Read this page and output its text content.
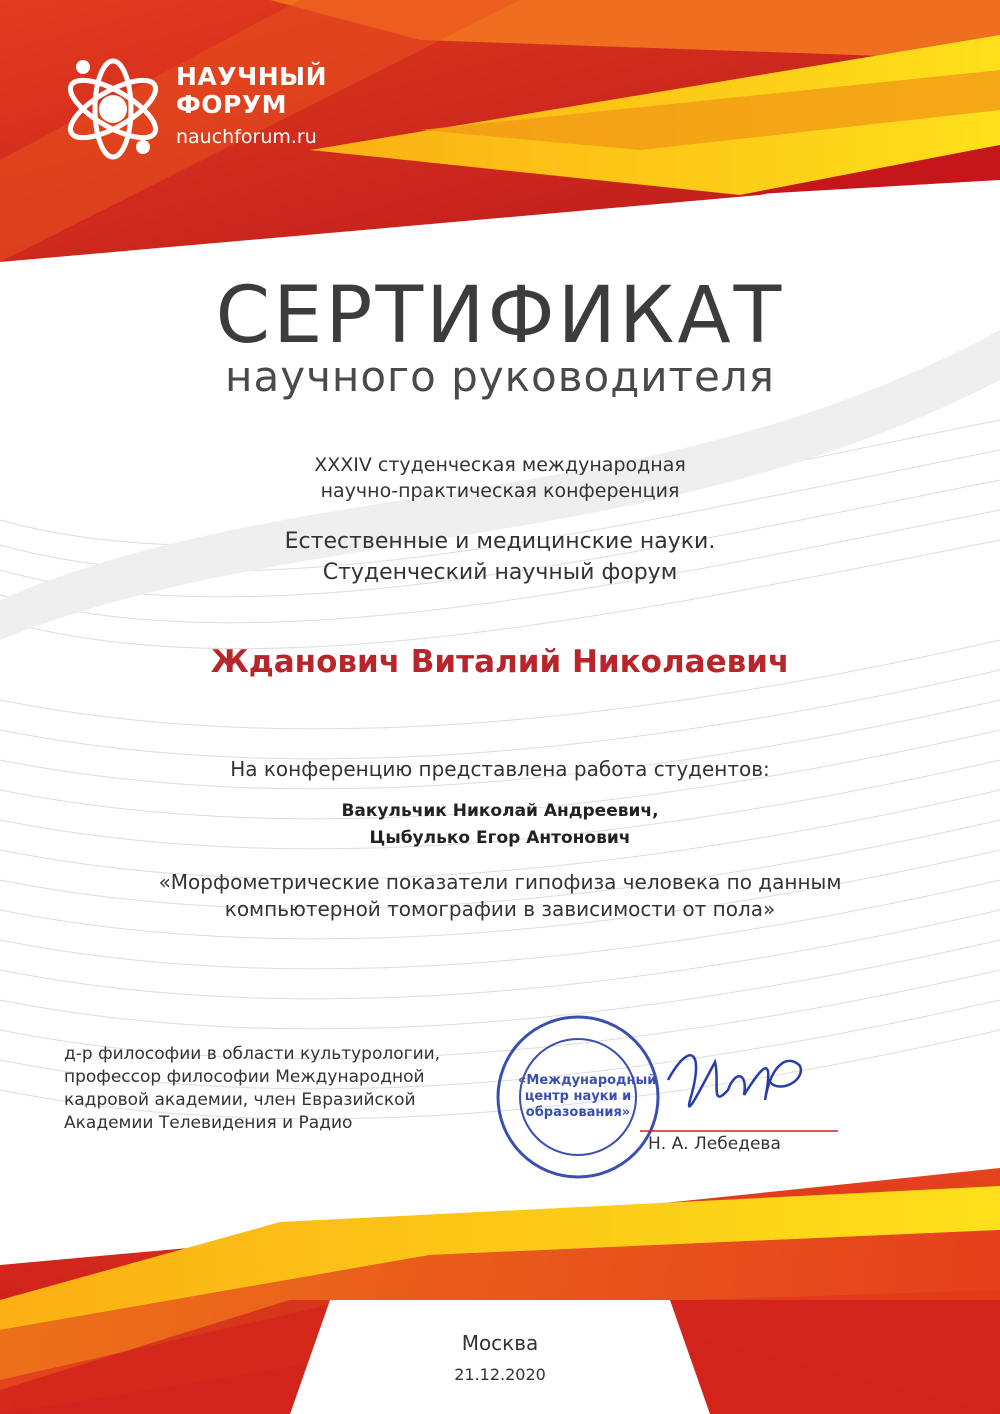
НАУЧНЫЙ
ФОРУМ
nauchforum.ru
СЕРТИФИКАТ
научного руководителя
XXXIV студенческая международная
научно-практическая конференция
Естественные и медицинские науки.
Студенческий научный форум
Жданович Виталий Николаевич
На конференцию представлена работа студентов:
Вакульчик Николай Андреевич,
Цыбулько Егор Антонович
«Морфометрические показатели гипофиза человека по данным
компьютерной томографии в зависимости от пола»
д-р философии в области культурологии,
профессор философии Международной
кадровой академии, член Евразийской
Академии Телевидения и Радио
«Международный
центр науки и
образования»
Н. А. Лебедева
Москва
21.12.2020
